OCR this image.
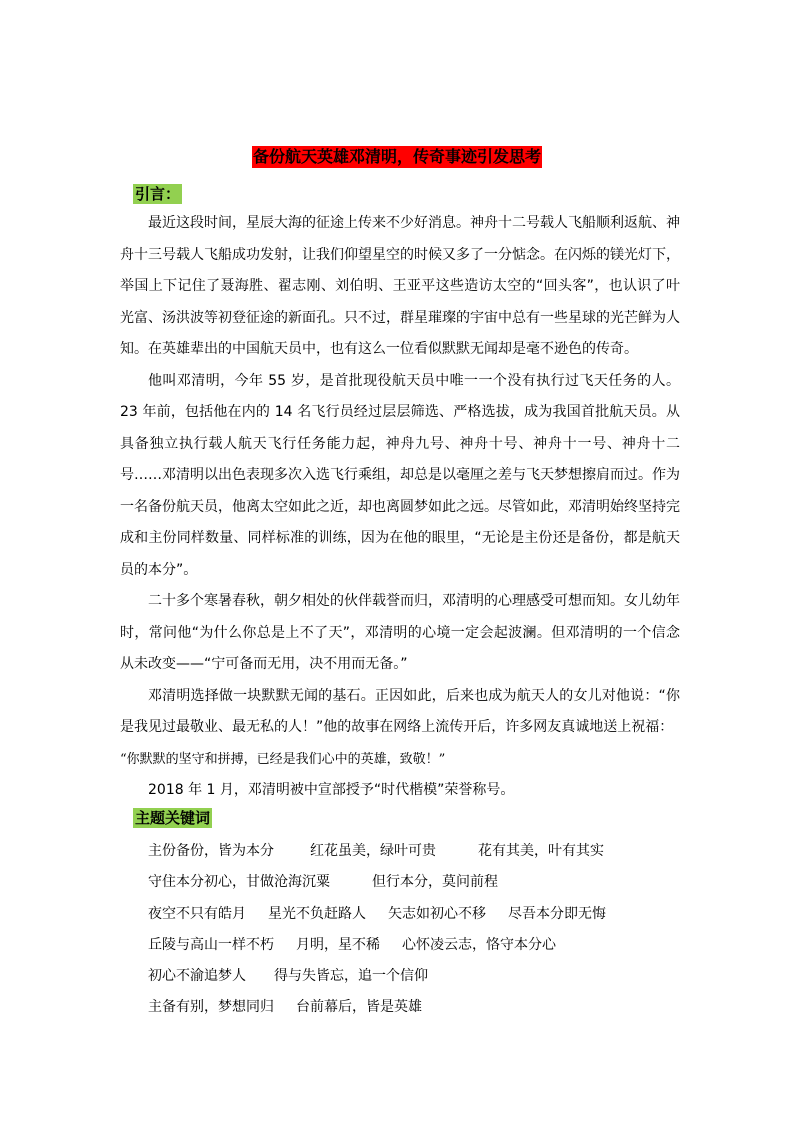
备份航天英雄邓清明，传奇事迹引发思考
引言：

最近这段时间，星辰大海的征途上传来不少好消息。神舟十二号载人飞船顺利返航、神舟十三号载人飞船成功发射，让我们仰望星空的时候又多了一分惦念。在闪烁的镁光灯下，举国上下记住了聂海胜、翟志刚、刘伯明、王亚平这些造访太空的“回头客”，也认识了叶光富、汤洪波等初登征途的新面孔。只不过，群星璀璨的宇宙中总有一些星球的光芒鲜为人知。在英雄辈出的中国航天员中，也有这么一位看似默默无闻却是毫不逊色的传奇。

他叫邓清明，今年 55 岁，是首批现役航天员中唯一一个没有执行过飞天任务的人。23 年前，包括他在内的 14 名飞行员经过层层筛选、严格选拔，成为我国首批航天员。从具备独立执行载人航天飞行任务能力起，神舟九号、神舟十号、神舟十一号、神舟十二号……邓清明以出色表现多次入选飞行乘组，却总是以毫厘之差与飞天梦想擦肩而过。作为一名备份航天员，他离太空如此之近，却也离圆梦如此之远。尽管如此，邓清明始终坚持完成和主份同样数量、同样标准的训练，因为在他的眼里，“无论是主份还是备份，都是航天员的本分”。

二十多个寒暑春秋，朝夕相处的伙伴载誉而归，邓清明的心理感受可想而知。女儿幼年时，常问他“为什么你总是上不了天”，邓清明的心境一定会起波澜。但邓清明的一个信念从未改变——“宁可备而无用，决不用而无备。”

邓清明选择做一块默默无闻的基石。正因如此，后来也成为航天人的女儿对他说：“你是我见过最敬业、最无私的人！”他的故事在网络上流传开后，许多网友真诚地送上祝福：

“你默默的坚守和拼搏，已经是我们心中的英雄，致敬！”

2018 年 1 月，邓清明被中宣部授予“时代楷模”荣誉称号。

主题关键词
主份备份，皆为本分	红花虽美，绿叶可贵	花有其美，叶有其实
守住本分初心，甘做沧海沉粟	但行本分，莫问前程
夜空不只有皓月 星光不负赶路人 矢志如初心不移 尽吾本分即无悔
丘陵与高山一样不朽 月明，星不稀 心怀凌云志，恪守本分心
初心不渝追梦人 得与失皆忘，追一个信仰
主备有别，梦想同归 台前幕后，皆是英雄
